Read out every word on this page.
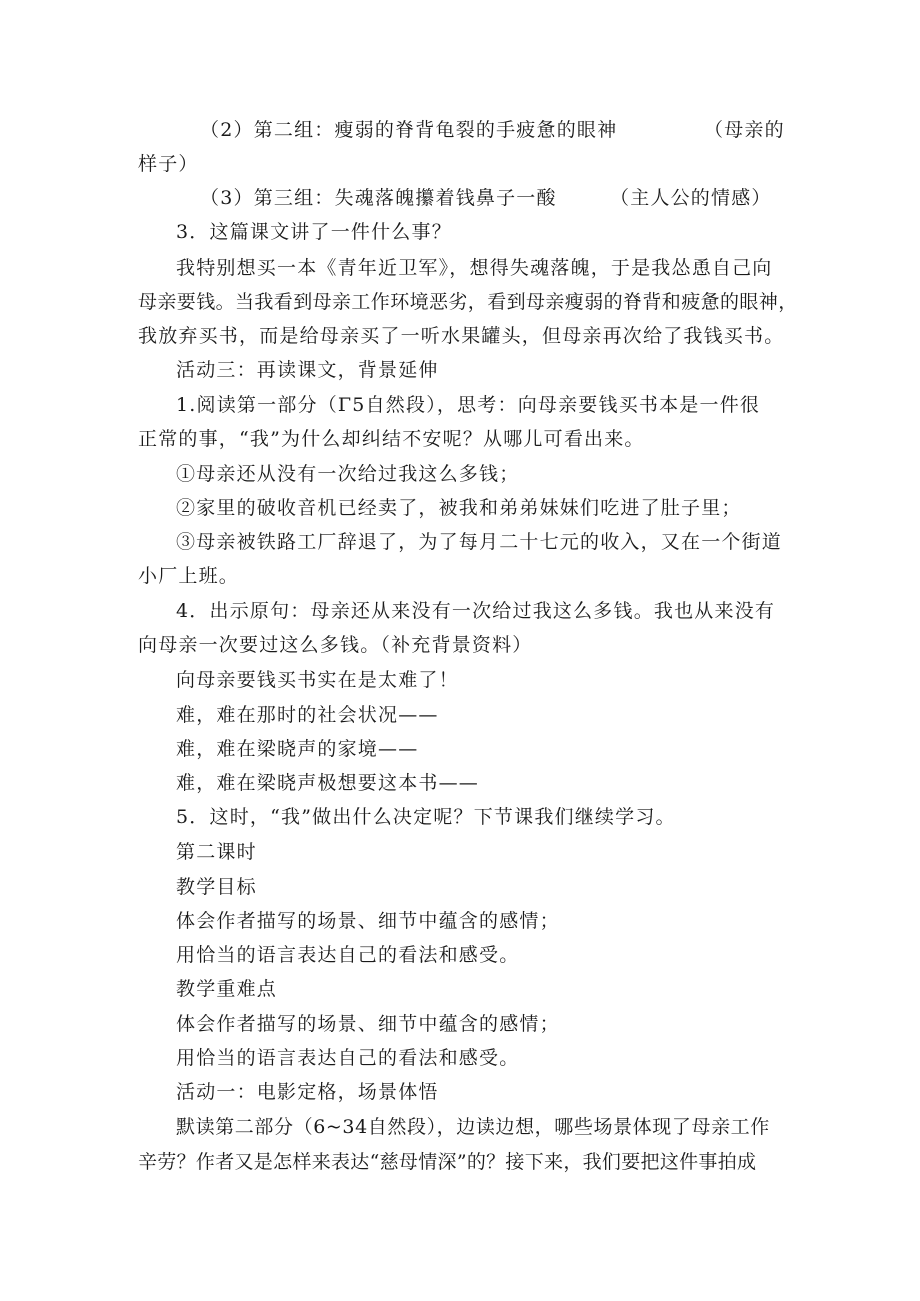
（2）第二组：瘦弱的脊背龟裂的手疲惫的眼神	（母亲的
样子）
（3）第三组：失魂落魄攥着钱鼻子一酸	（主人公的情感）
3．这篇课文讲了一件什么事？
我特别想买一本《青年近卫军》，想得失魂落魄，于是我怂恿自己向
母亲要钱。当我看到母亲工作环境恶劣，看到母亲瘦弱的脊背和疲惫的眼神，
我放弃买书，而是给母亲买了一听水果罐头，但母亲再次给了我钱买书。
活动三：再读课文，背景延伸
1.阅读第一部分（Γ5自然段），思考：向母亲要钱买书本是一件很
正常的事，“我”为什么却纠结不安呢？从哪儿可看出来。
①母亲还从没有一次给过我这么多钱；
②家里的破收音机已经卖了，被我和弟弟妹妹们吃进了肚子里；
③母亲被铁路工厂辞退了，为了每月二十七元的收入，又在一个街道
小厂上班。
4．出示原句：母亲还从来没有一次给过我这么多钱。我也从来没有
向母亲一次要过这么多钱。（补充背景资料）
向母亲要钱买书实在是太难了！
难，难在那时的社会状况——
难，难在梁晓声的家境——
难，难在梁晓声极想要这本书——
5．这时，“我”做出什么决定呢？下节课我们继续学习。
第二课时
教学目标
体会作者描写的场景、细节中蕴含的感情；
用恰当的语言表达自己的看法和感受。
教学重难点
体会作者描写的场景、细节中蕴含的感情；
用恰当的语言表达自己的看法和感受。
活动一：电影定格，场景体悟
默读第二部分（6~34自然段），边读边想，哪些场景体现了母亲工作
辛劳？作者又是怎样来表达“慈母情深”的？接下来，我们要把这件事拍成
